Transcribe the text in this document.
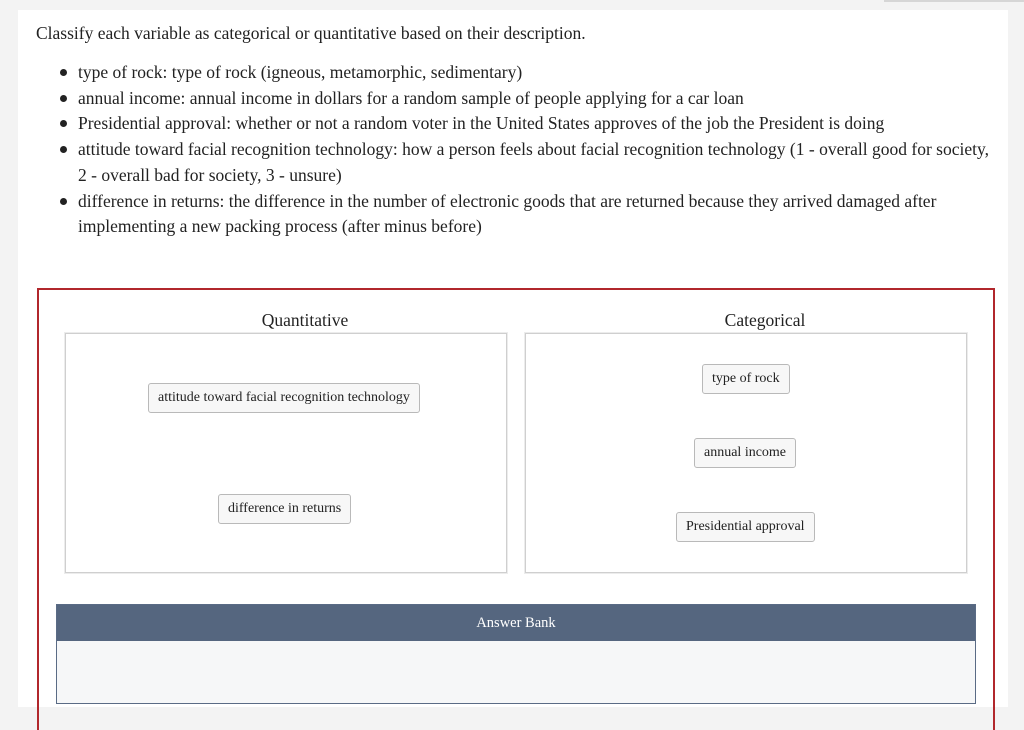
Classify each variable as categorical or quantitative based on their description.

type of rock: type of rock (igneous, metamorphic, sedimentary)
annual income: annual income in dollars for a random sample of people applying for a car loan
Presidential approval: whether or not a random voter in the United States approves of the job the President is doing
attitude toward facial recognition technology: how a person feels about facial recognition technology (1 - overall good for society, 2 - overall bad for society, 3 - unsure)
difference in returns: the difference in the number of electronic goods that are returned because they arrived damaged after implementing a new packing process (after minus before)
Quantitative	Categorical
attitude toward facial recognition technology
difference in returns
type of rock
annual income
Presidential approval
Answer Bank
